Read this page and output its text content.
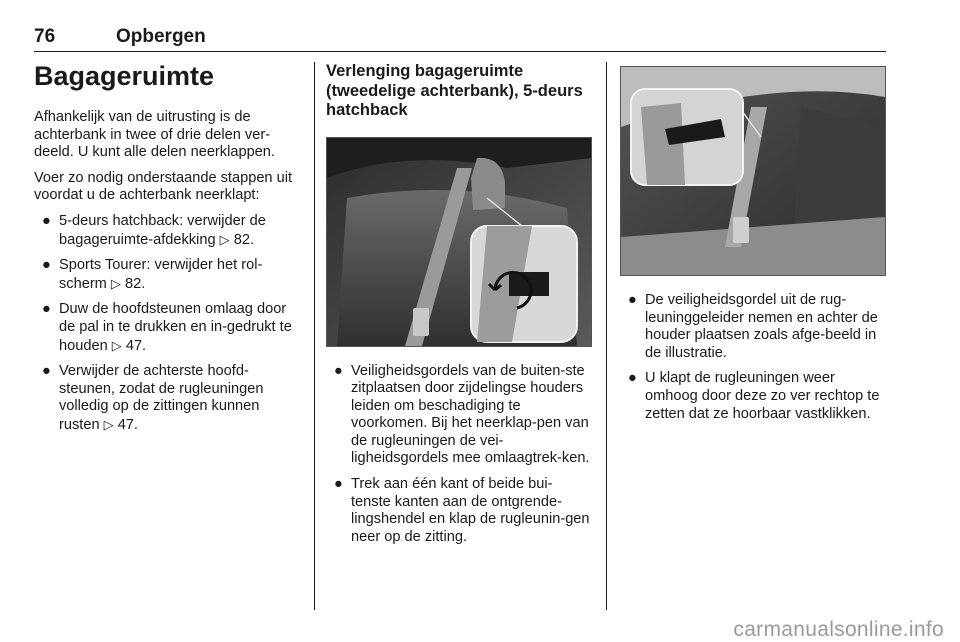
76	Opbergen
Bagageruimte

Afhankelijk van de uitrusting is de achterbank in twee of drie delen ver-deeld. U kunt alle delen neerklappen.

Voer zo nodig onderstaande stappen uit voordat u de achterbank neerklapt:

● 5-deurs hatchback: verwijder de bagageruimte-afdekking ▷ 82.
● Sports Tourer: verwijder het rol-scherm ▷ 82.
● Duw de hoofdsteunen omlaag door de pal in te drukken en in-gedrukt te houden ▷ 47.
● Verwijder de achterste hoofd-steunen, zodat de rugleuningen volledig op de zittingen kunnen rusten ▷ 47.
Verlenging bagageruimte (tweedelige achterbank), 5-deurs hatchback
● Veiligheidsgordels van de buiten-ste zitplaatsen door zijdelingse houders leiden om beschadiging te voorkomen. Bij het neerklap-pen van de rugleuningen de vei-ligheidsgordels mee omlaagtrek-ken.
● Trek aan één kant of beide bui-tenste kanten aan de ontgrende-lingshendel en klap de rugleunin-gen neer op de zitting.
● De veiligheidsgordel uit de rug-leuninggeleider nemen en achter de houder plaatsen zoals afge-beeld in de illustratie.
● U klapt de rugleuningen weer omhoog door deze zo ver rechtop te zetten dat ze hoorbaar vastklikken.
carmanualsonline.info
